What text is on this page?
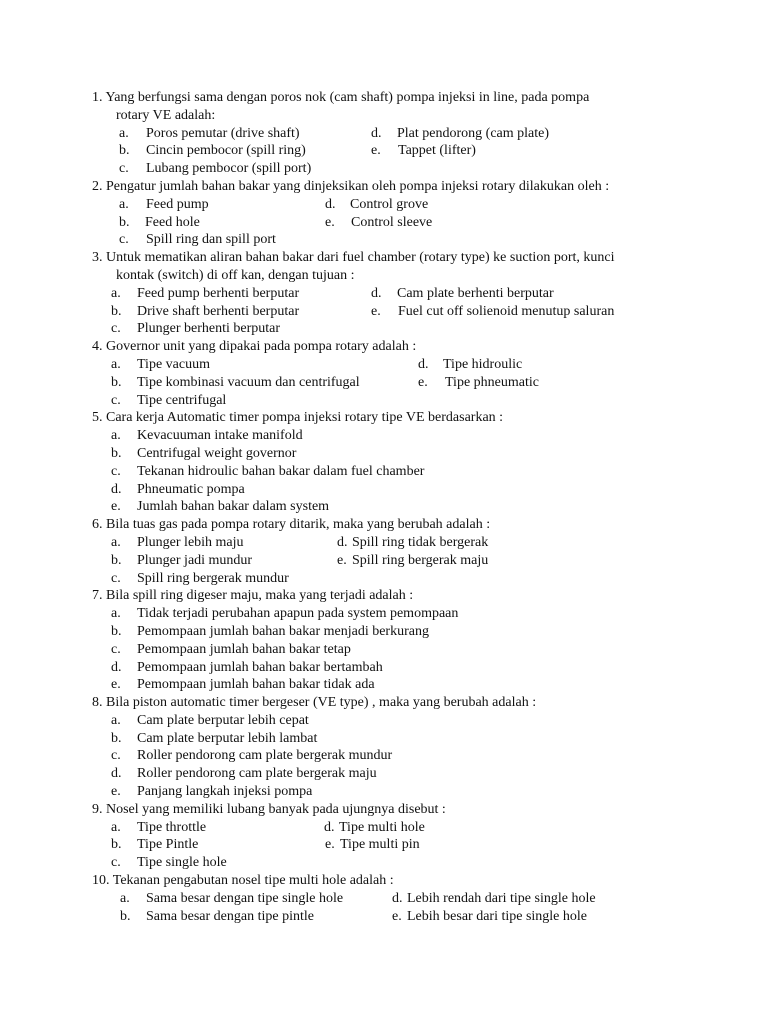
1. Yang berfungsi sama dengan poros nok (cam shaft) pompa injeksi in line, pada pompa
rotary VE adalah:
a. Poros pemutar (drive shaft)	d. Plat pendorong (cam plate)
b. Cincin pembocor (spill ring)	e. Tappet (lifter)
c. Lubang pembocor (spill port)
2. Pengatur jumlah bahan bakar yang dinjeksikan oleh pompa injeksi rotary dilakukan oleh :
a. Feed pump	d. Control grove
b. Feed hole	e. Control sleeve
c. Spill ring dan spill port
3. Untuk mematikan aliran bahan bakar dari fuel chamber (rotary type) ke suction port, kunci
kontak (switch) di off kan, dengan tujuan :
a. Feed pump berhenti berputar	d. Cam plate berhenti berputar
b. Drive shaft berhenti berputar	e. Fuel cut off solienoid menutup saluran
c. Plunger berhenti berputar
4. Governor unit yang dipakai pada pompa rotary adalah :
a. Tipe vacuum	d. Tipe hidroulic
b. Tipe kombinasi vacuum dan centrifugal	e. Tipe phneumatic
c. Tipe centrifugal
5. Cara kerja Automatic timer pompa injeksi rotary tipe VE berdasarkan :
a. Kevacuuman intake manifold
b. Centrifugal weight governor
c. Tekanan hidroulic bahan bakar dalam fuel chamber
d. Phneumatic pompa
e. Jumlah bahan bakar dalam system
6. Bila tuas gas pada pompa rotary ditarik, maka yang berubah adalah :
a. Plunger lebih maju	d. Spill ring tidak bergerak
b. Plunger jadi mundur	e. Spill ring bergerak maju
c. Spill ring bergerak mundur
7. Bila spill ring digeser maju, maka yang terjadi adalah :
a. Tidak terjadi perubahan apapun pada system pemompaan
b. Pemompaan jumlah bahan bakar menjadi berkurang
c. Pemompaan jumlah bahan bakar tetap
d. Pemompaan jumlah bahan bakar bertambah
e. Pemompaan jumlah bahan bakar tidak ada
8. Bila piston automatic timer bergeser (VE type) , maka yang berubah adalah :
a. Cam plate berputar lebih cepat
b. Cam plate berputar lebih lambat
c. Roller pendorong cam plate bergerak mundur
d. Roller pendorong cam plate bergerak maju
e. Panjang langkah injeksi pompa
9. Nosel yang memiliki lubang banyak pada ujungnya disebut :
a. Tipe throttle	d. Tipe multi hole
b. Tipe Pintle	e. Tipe multi pin
c. Tipe single hole
10. Tekanan pengabutan nosel tipe multi hole adalah :
a. Sama besar dengan tipe single hole	d. Lebih rendah dari tipe single hole
b. Sama besar dengan tipe pintle	e. Lebih besar dari tipe single hole
